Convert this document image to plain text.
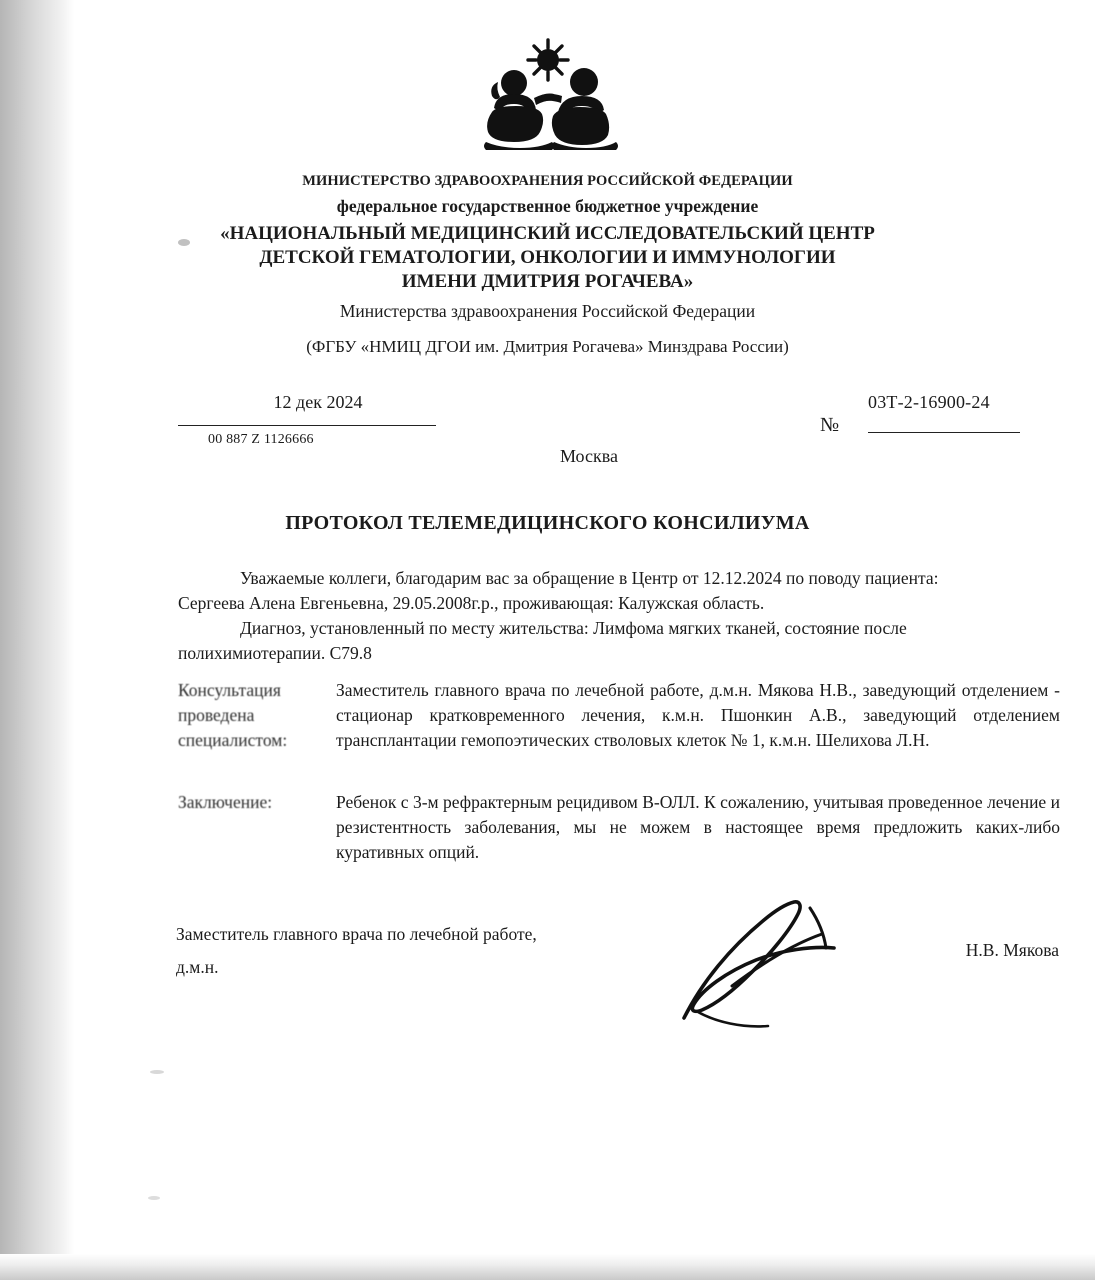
МИНИСТЕРСТВО ЗДРАВООХРАНЕНИЯ РОССИЙСКОЙ ФЕДЕРАЦИИ
федеральное государственное бюджетное учреждение
«НАЦИОНАЛЬНЫЙ МЕДИЦИНСКИЙ ИССЛЕДОВАТЕЛЬСКИЙ ЦЕНТР
ДЕТСКОЙ ГЕМАТОЛОГИИ, ОНКОЛОГИИ И ИММУНОЛОГИИ
ИМЕНИ ДМИТРИЯ РОГАЧЕВА»
Министерства здравоохранения Российской Федерации
(ФГБУ «НМИЦ ДГОИ им. Дмитрия Рогачева» Минздрава России)
12 дек 2024
00 887 Z 1126666
Москва
№
03Т-2-16900-24
ПРОТОКОЛ ТЕЛЕМЕДИЦИНСКОГО КОНСИЛИУМА

Уважаемые коллеги, благодарим вас за обращение в Центр от 12.12.2024 по поводу пациента:

Сергеева Алена Евгеньевна, 29.05.2008г.р., проживающая: Калужская область.

Диагноз, установленный по месту жительства: Лимфома мягких тканей, состояние после

полихимиотерапии. С79.8

Консультация проведена специалистом:
Заместитель главного врача по лечебной работе, д.м.н. Мякова Н.В., заведующий отделением - стационар кратковременного лечения, к.м.н. Пшонкин А.В., заведующий отделением трансплантации гемопоэтических стволовых клеток № 1, к.м.н. Шелихова Л.Н.
Заключение:	Ребенок с 3-м рефрактерным рецидивом В-ОЛЛ. К сожалению, учитывая проведенное лечение и резистентность заболевания, мы не можем в настоящее время предложить каких-либо куративных опций.
Заместитель главного врача по лечебной работе,
д.м.н.
Н.В. Мякова
